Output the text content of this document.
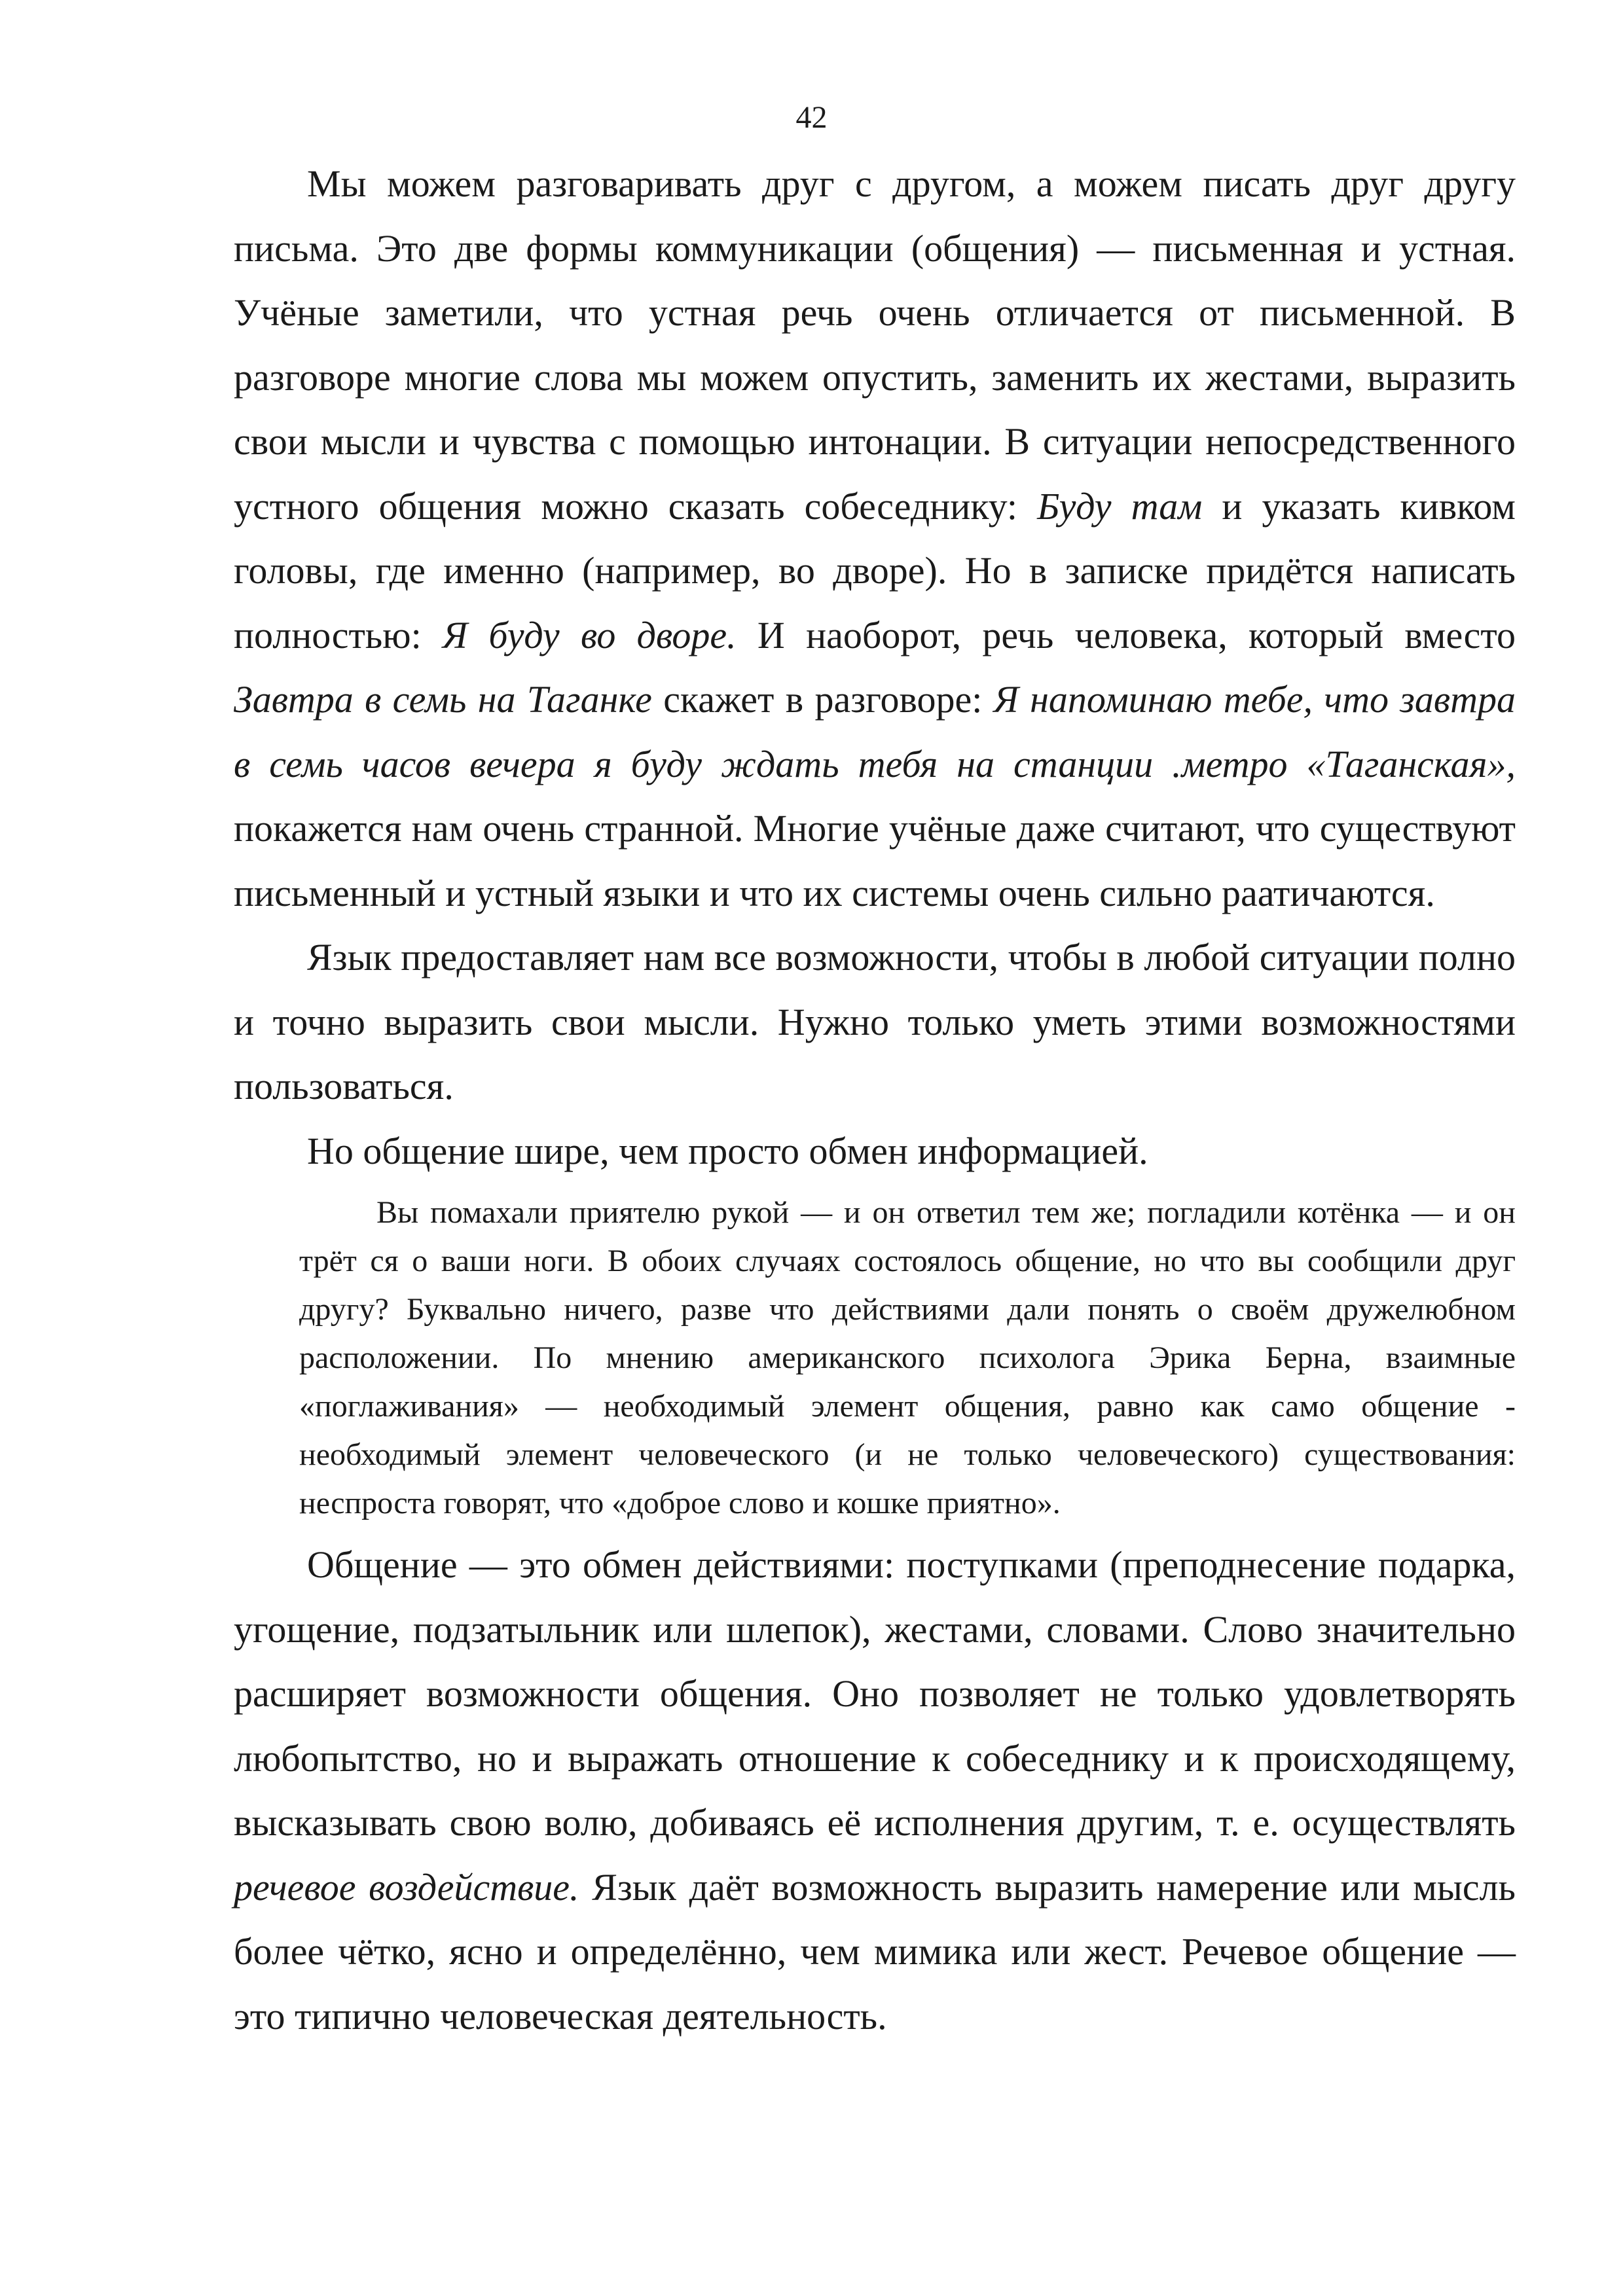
42

Мы можем разговаривать друг с другом, а можем писать друг другу письма. Это две формы коммуникации (общения) — письменная и устная. Учёные заметили, что устная речь очень отличается от письменной. В разговоре многие слова мы можем опустить, заменить их жестами, выразить свои мысли и чувства с помощью интонации. В ситуации непосредственного устного общения можно сказать собеседнику: Буду там и указать кивком головы, где именно (например, во дворе). Но в записке придётся написать полностью: Я буду во дворе. И наоборот, речь человека, который вместо Завтра в семь на Таганке скажет в разговоре: Я напоминаю тебе, что завтра в семь часов вечера я буду ждать тебя на станции .метро «Таганская», покажется нам очень странной. Многие учёные даже считают, что существуют письменный и устный языки и что их системы очень сильно раатичаются.

Язык предоставляет нам все возможности, чтобы в любой ситуации полно и точно выразить свои мысли. Нужно только уметь этими возможностями пользоваться.

Но общение шире, чем просто обмен информацией.

Вы помахали приятелю рукой — и он ответил тем же; погладили котёнка — и он трёт ся о ваши ноги. В обоих случаях состоялось общение, но что вы сообщили друг другу? Буквально ничего, разве что действиями дали понять о своём дружелюбном расположении. По мнению американского психолога Эрика Берна, взаимные «поглаживания» — необходимый элемент общения, равно как само общение - необходимый элемент человеческого (и не только человеческого) существования: неспроста говорят, что «доброе слово и кошке приятно».

Общение — это обмен действиями: поступками (преподнесение подарка, угощение, подзатыльник или шлепок), жестами, словами. Слово значительно расширяет возможности общения. Оно позволяет не только удовлетворять любопытство, но и выражать отношение к собеседнику и к происходящему, высказывать свою волю, добиваясь её исполнения другим, т. е. осуществлять речевое воздействие. Язык даёт возможность выразить намерение или мысль более чётко, ясно и определённо, чем мимика или жест. Речевое общение — это типично человеческая деятельность.
